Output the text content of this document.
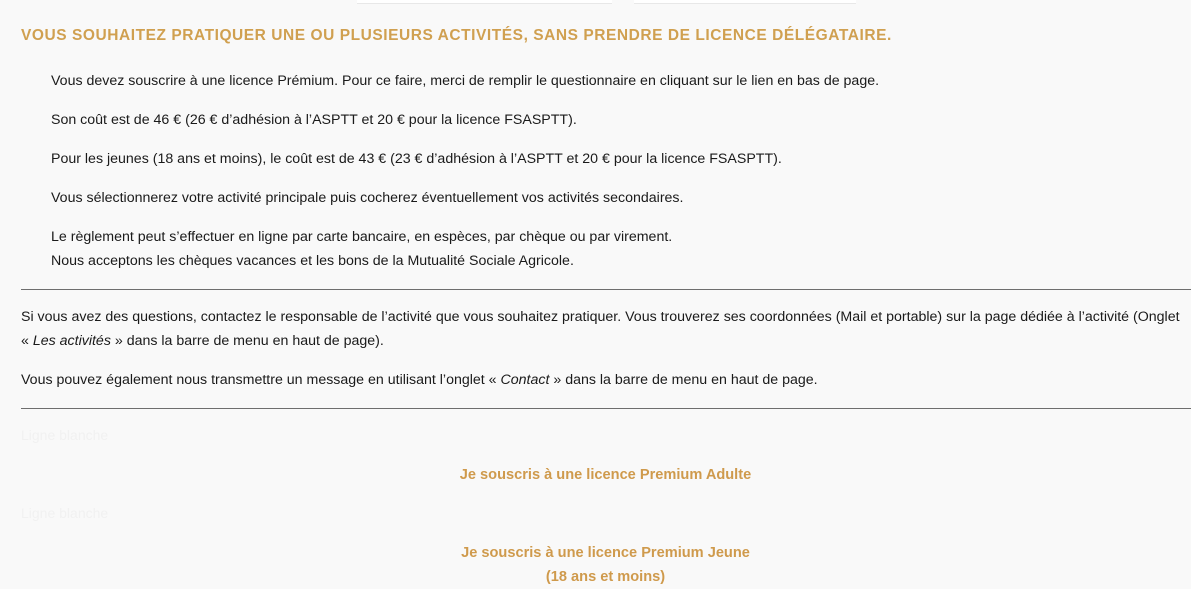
VOUS SOUHAITEZ PRATIQUER UNE OU PLUSIEURS ACTIVITÉS, SANS PRENDRE DE LICENCE DÉLÉGATAIRE.

Vous devez souscrire à une licence Prémium. Pour ce faire, merci de remplir le questionnaire en cliquant sur le lien en bas de page.

Son coût est de 46 € (26 € d’adhésion à l’ASPTT et 20 € pour la licence FSASPTT).

Pour les jeunes (18 ans et moins), le coût est de 43 € (23 € d’adhésion à l’ASPTT et 20 € pour la licence FSASPTT).

Vous sélectionnerez votre activité principale puis cocherez éventuellement vos activités secondaires.

Le règlement peut s’effectuer en ligne par carte bancaire, en espèces, par chèque ou par virement.

Nous acceptons les chèques vacances et les bons de la Mutualité Sociale Agricole.

Si vous avez des questions, contactez le responsable de l’activité que vous souhaitez pratiquer. Vous trouverez ses coordonnées (Mail et portable) sur la page dédiée à l’activité (Onglet « Les activités » dans la barre de menu en haut de page).

Vous pouvez également nous transmettre un message en utilisant l’onglet « Contact » dans la barre de menu en haut de page.

Ligne blanche
Je souscris à une licence Premium Adulte
Ligne blanche
Je souscris à une licence Premium Jeune
(18 ans et moins)
